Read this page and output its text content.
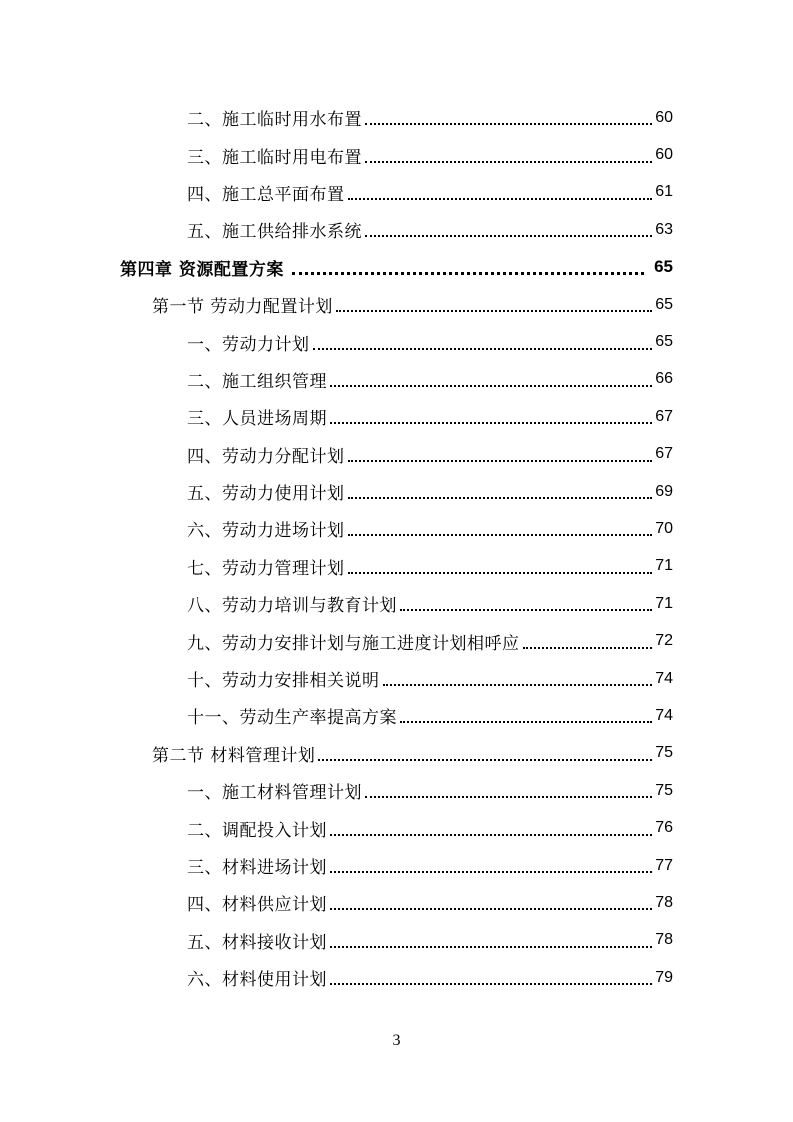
二、施工临时用水布置	60
三、施工临时用电布置	60
四、施工总平面布置	61
五、施工供给排水系统	63
第四章 资源配置方案	65
第一节 劳动力配置计划	65
一、劳动力计划	65
二、施工组织管理	66
三、人员进场周期	67
四、劳动力分配计划	67
五、劳动力使用计划	69
六、劳动力进场计划	70
七、劳动力管理计划	71
八、劳动力培训与教育计划	71
九、劳动力安排计划与施工进度计划相呼应	72
十、劳动力安排相关说明	74
十一、劳动生产率提高方案	74
第二节 材料管理计划	75
一、施工材料管理计划	75
二、调配投入计划	76
三、材料进场计划	77
四、材料供应计划	78
五、材料接收计划	78
六、材料使用计划	79
3
